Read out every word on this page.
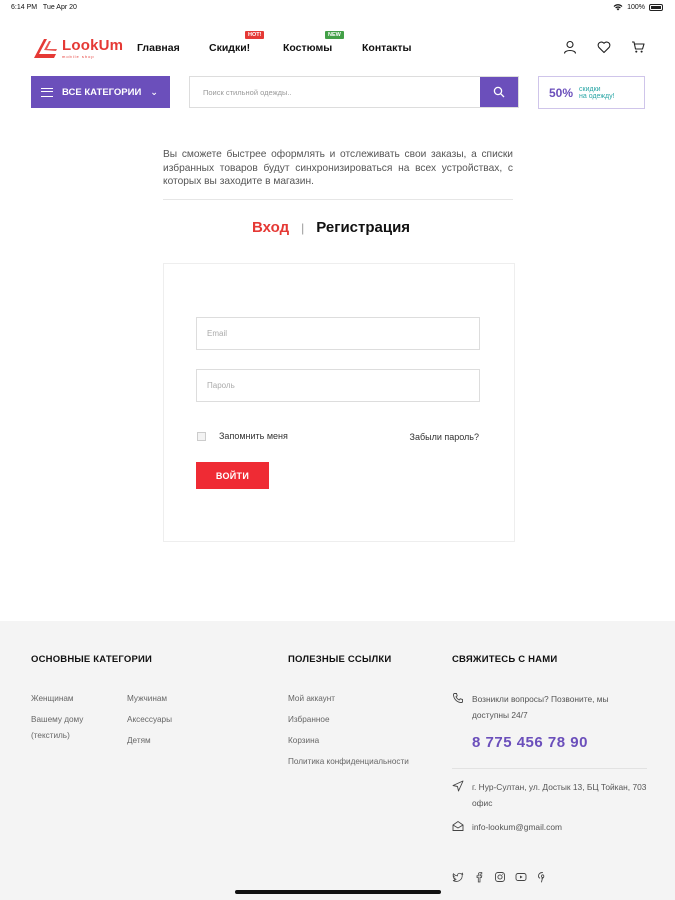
6:14 PM Tue Apr 20	100%
LookUm
mobile shop
Главная	Скидки!
HOT!
Костюмы
NEW
Контакты
ВСЕ КАТЕГОРИИ ⌄
Поиск стильной одежды..	50% скидки
на одежду!

Вы сможете быстрее оформлять и отслеживать свои заказы, а списки избранных товаров будут синхронизироваться на всех устройствах, с которых вы заходите в магазин.

Вход | Регистрация
Email
Запомнить меня	Забыли пароль?
ВОЙТИ
ОСНОВНЫЕ КАТЕГОРИИ
Женщинам
Вашему дому (текстиль)
Мужчинам
Аксессуары
Детям
ПОЛЕЗНЫЕ ССЫЛКИ
Мой аккаунт
Избранное
Корзина
Политика конфиденциальности
СВЯЖИТЕСЬ С НАМИ
Возникли вопросы? Позвоните, мы доступны 24/7
8 775 456 78 90
г. Нур-Султан, ул. Достык 13, БЦ Тойкан, 703 офис
info-lookum@gmail.com
